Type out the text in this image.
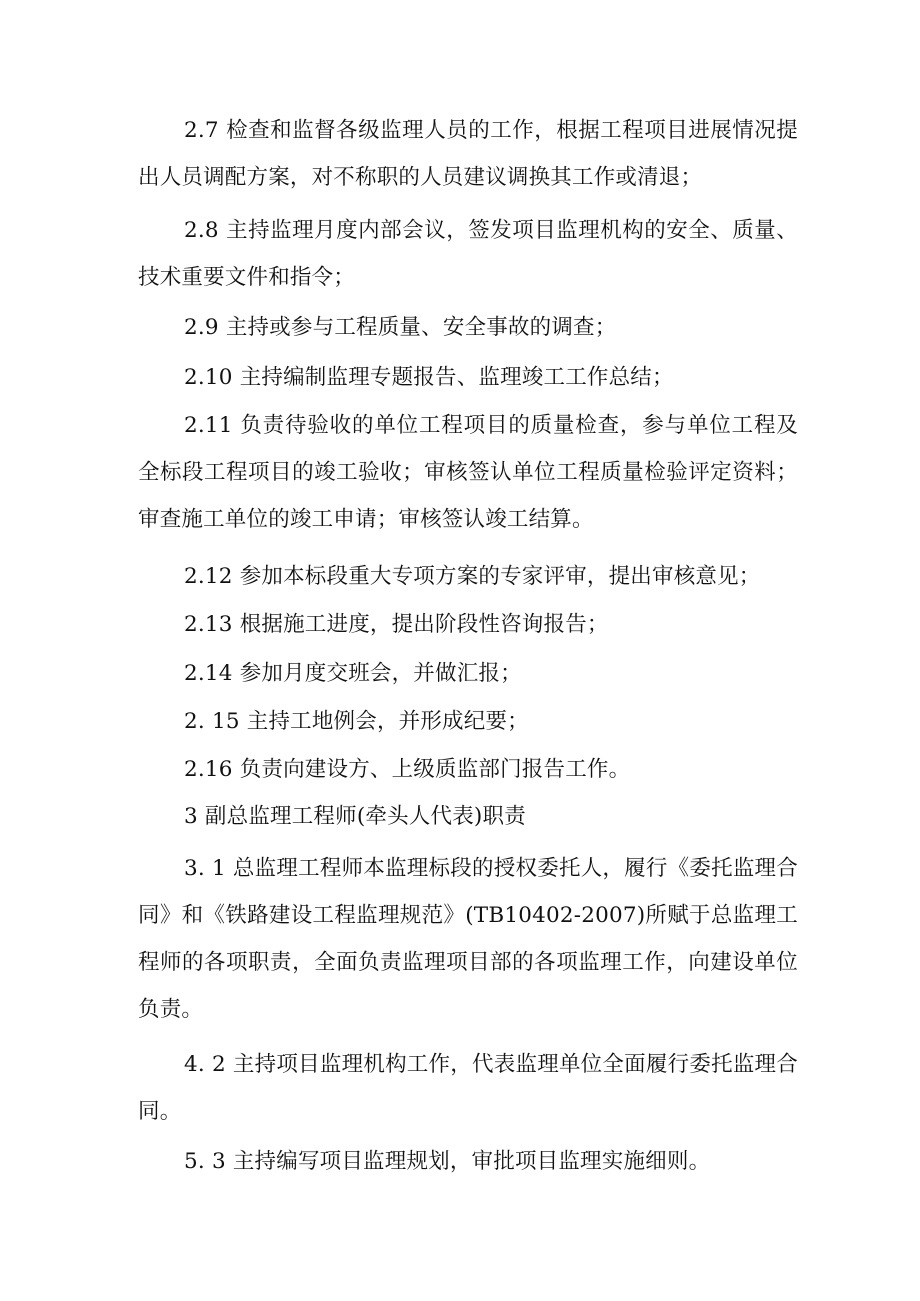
2.7 检查和监督各级监理人员的工作，根据工程项目进展情况提出人员调配方案，对不称职的人员建议调换其工作或清退；

2.8 主持监理月度内部会议，签发项目监理机构的安全、质量、技术重要文件和指令；

2.9 主持或参与工程质量、安全事故的调查；

2.10 主持编制监理专题报告、监理竣工工作总结；

2.11 负责待验收的单位工程项目的质量检查，参与单位工程及全标段工程项目的竣工验收；审核签认单位工程质量检验评定资料；审查施工单位的竣工申请；审核签认竣工结算。

2.12 参加本标段重大专项方案的专家评审，提出审核意见；

2.13 根据施工进度，提出阶段性咨询报告；

2.14 参加月度交班会，并做汇报；

2. 15 主持工地例会，并形成纪要；

2.16 负责向建设方、上级质监部门报告工作。

3 副总监理工程师(牵头人代表)职责

3. 1 总监理工程师本监理标段的授权委托人，履行《委托监理合同》和《铁路建设工程监理规范》(TB10402-2007)所赋于总监理工程师的各项职责，全面负责监理项目部的各项监理工作，向建设单位负责。

4. 2 主持项目监理机构工作，代表监理单位全面履行委托监理合同。

5. 3 主持编写项目监理规划，审批项目监理实施细则。
